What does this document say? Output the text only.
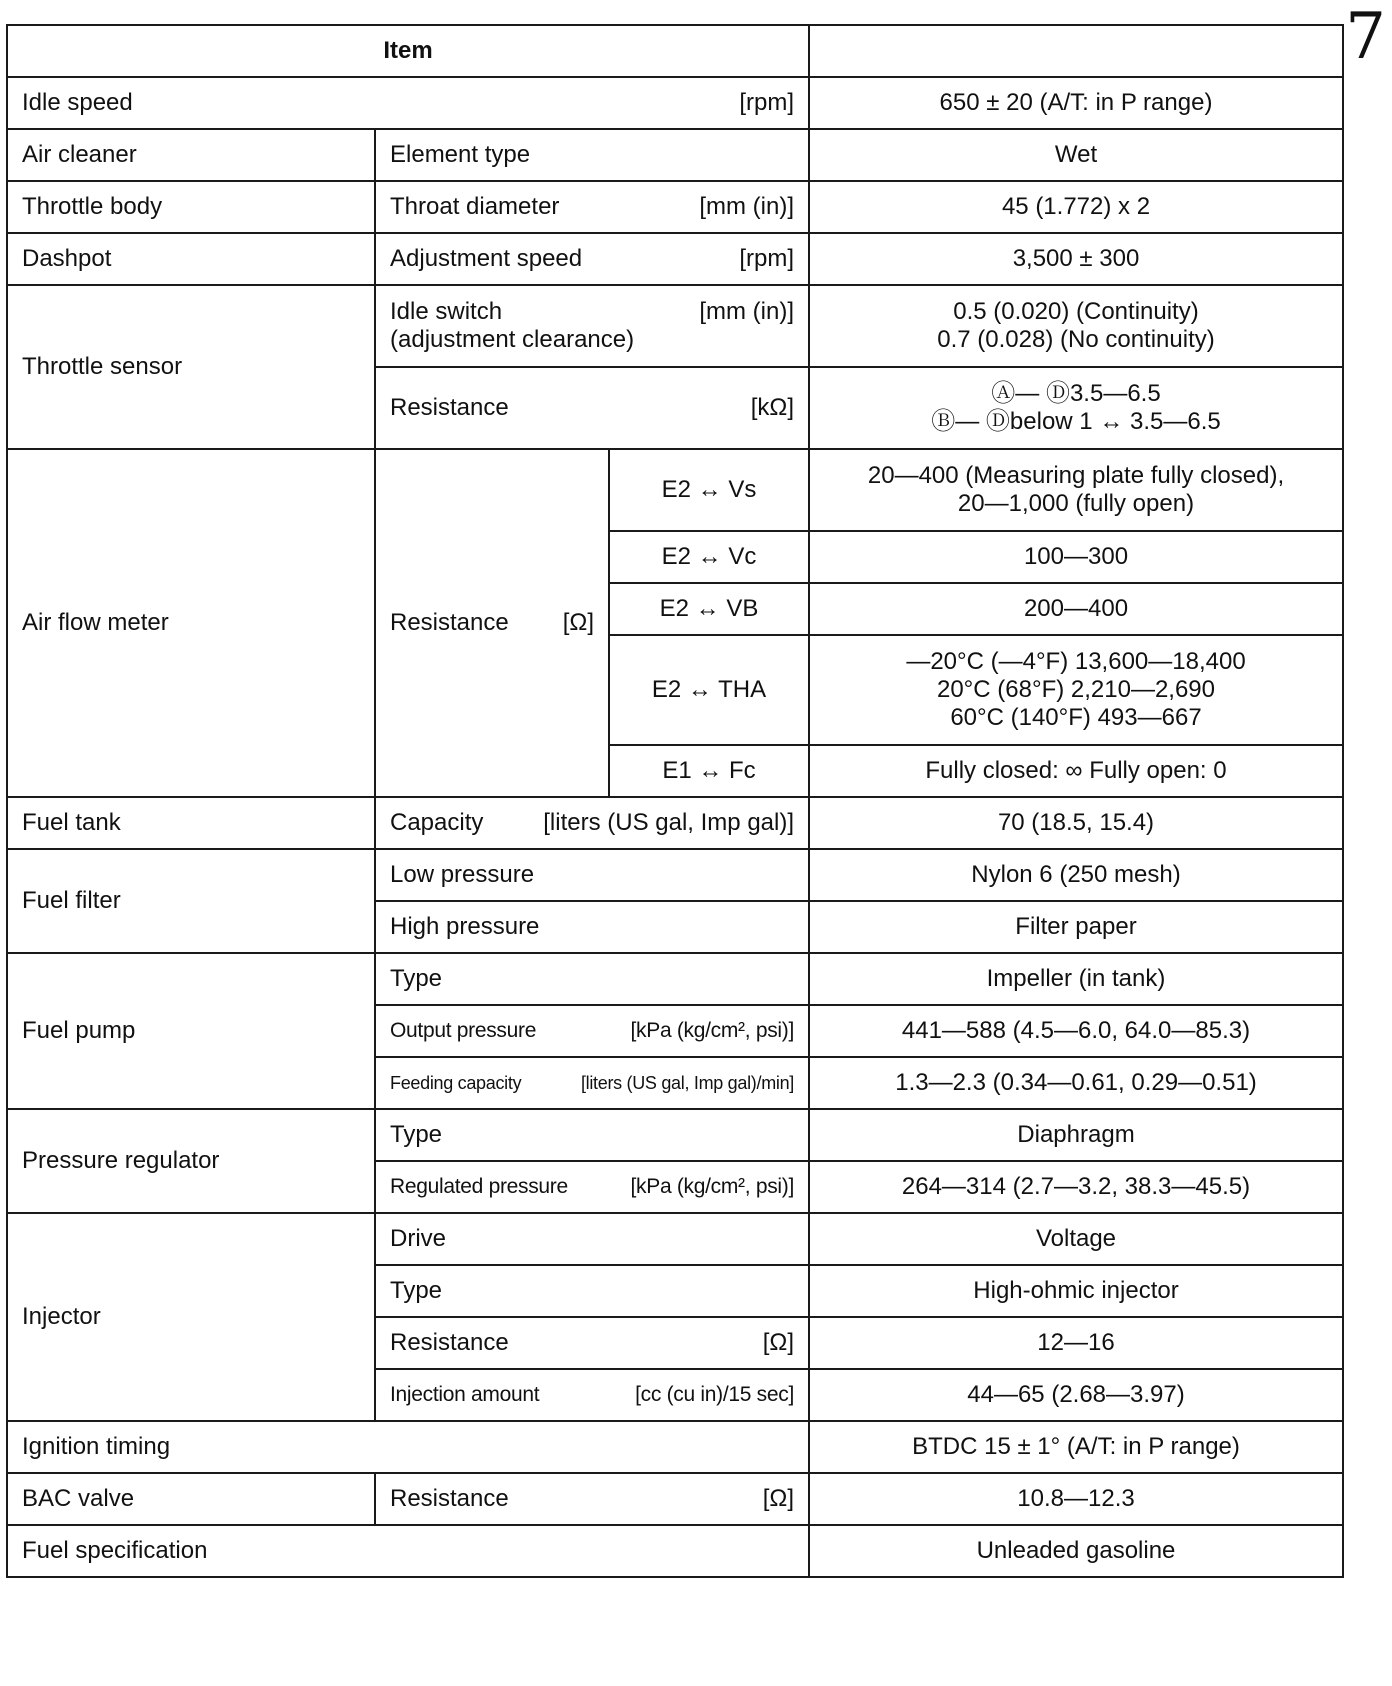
7
Item			

Idle speed [rpm]			650 ± 20 (A/T: in P range)
Air cleaner	Element type		Wet
Throttle body	Throat diameter [mm (in)]		45 (1.772) x 2
Dashpot	Adjustment speed [rpm]		3,500 ± 300
Throttle sensor	Idle switch
(adjustment clearance)
[mm (in)]		0.5 (0.020) (Continuity)
0.7 (0.028) (No continuity)

	Resistance [kΩ]		Ⓐ— Ⓓ3.5—6.5
Ⓑ— Ⓓbelow 1 ↔ 3.5—6.5

Air flow meter	Resistance [Ω]	E2 ↔ Vs	20—400 (Measuring plate fully closed),
20—1,000 (fully open)

		E2 ↔ Vc	100—300
		E2 ↔ VB	200—400
		E2 ↔ THA	—20°C (—4°F) 13,600—18,400
20°C (68°F) 2,210—2,690
60°C (140°F) 493—667

		E1 ↔ Fc	Fully closed: ∞ Fully open: 0
Fuel tank	Capacity [liters (US gal, Imp gal)]		70 (18.5, 15.4)
Fuel filter	Low pressure		Nylon 6 (250 mesh)
	High pressure		Filter paper
Fuel pump	Type		Impeller (in tank)

	Output pressure [kPa (kg/cm², psi)]		441—588 (4.5—6.0, 64.0—85.3)

	Feeding capacity [liters (US gal, Imp gal)/min]		1.3—2.3 (0.34—0.61, 0.29—0.51)
Pressure regulator	Type		Diaphragm

	Regulated pressure [kPa (kg/cm², psi)]		264—314 (2.7—3.2, 38.3—45.5)
Injector	Drive		Voltage
	Type		High-ohmic injector

	Resistance [Ω]		12—16

	Injection amount [cc (cu in)/15 sec]		44—65 (2.68—3.97)
Ignition timing			BTDC 15 ± 1° (A/T: in P range)
BAC valve	Resistance [Ω]		10.8—12.3
Fuel specification			Unleaded gasoline
